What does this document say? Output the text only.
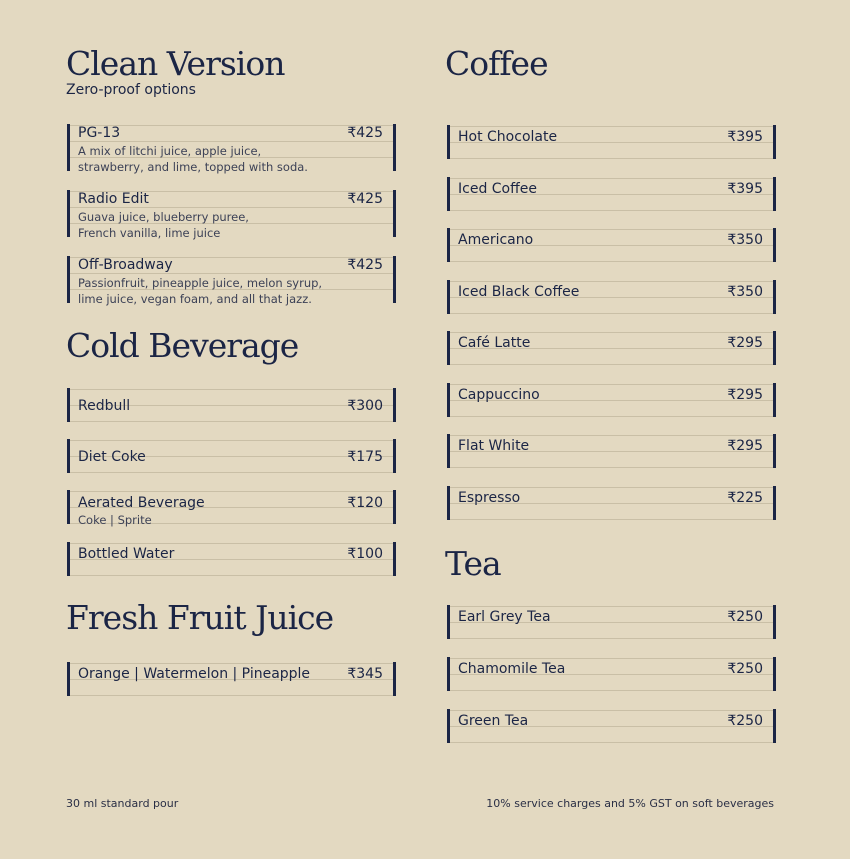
Clean Version
Zero-proof options
PG-13	₹425
A mix of litchi juice, apple juice,
strawberry, and lime, topped with soda.
Radio Edit	₹425
Guava juice, blueberry puree,
French vanilla, lime juice
Off-Broadway	₹425
Passionfruit, pineapple juice, melon syrup,
lime juice, vegan foam, and all that jazz.
Cold Beverage
Redbull	₹300
Diet Coke	₹175
Aerated Beverage	₹120
Coke | Sprite
Bottled Water	₹100
Fresh Fruit Juice
Orange | Watermelon | Pineapple	₹345
Coffee
Hot Chocolate	₹395
Iced Coffee	₹395
Americano	₹350
Iced Black Coffee	₹350
Café Latte	₹295
Cappuccino	₹295
Flat White	₹295
Espresso	₹225
Tea
Earl Grey Tea	₹250
Chamomile Tea	₹250
Green Tea	₹250
30 ml standard pour	10% service charges and 5% GST on soft beverages
